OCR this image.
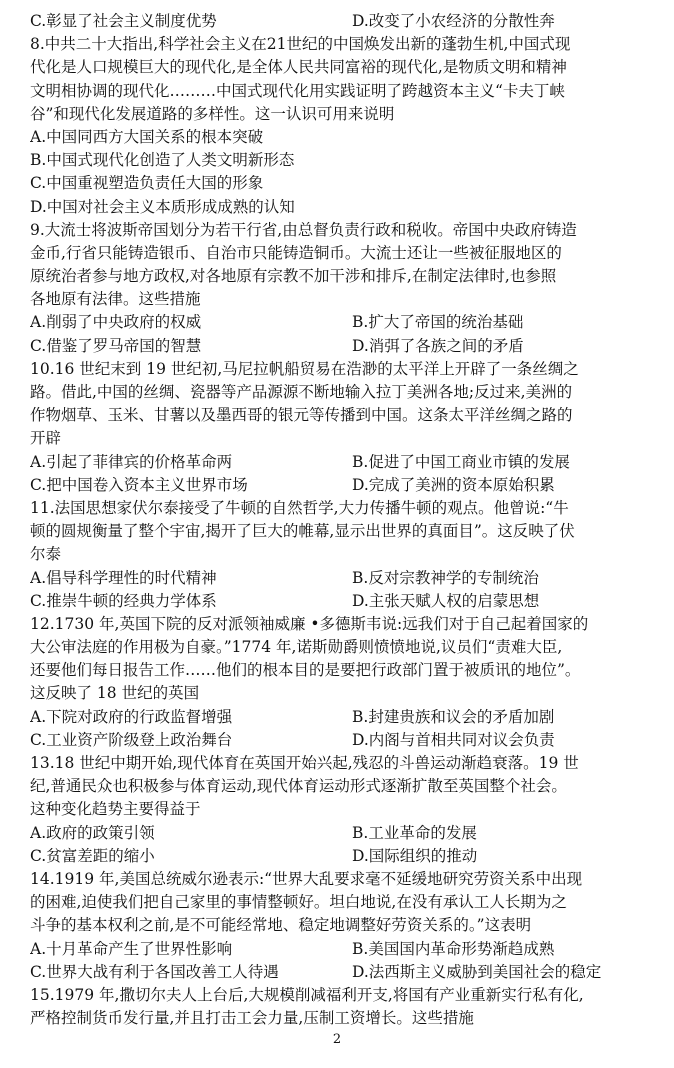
C.彰显了社会主义制度优势	D.改变了小农经济的分散性奔
8.中共二十大指出,科学社会主义在21世纪的中国焕发出新的蓬勃生机,中国式现
代化是人口规模巨大的现代化,是全体人民共同富裕的现代化,是物质文明和精神
文明相协调的现代化………中国式现代化用实践证明了跨越资本主义“卡夫丁峡
谷”和现代化发展道路的多样性。这一认识可用来说明
A.中国同西方大国关系的根本突破
B.中国式现代化创造了人类文明新形态
C.中国重视塑造负责任大国的形象
D.中国对社会主义本质形成成熟的认知
9.大流士将波斯帝国划分为若干行省,由总督负责行政和税收。帝国中央政府铸造
金币,行省只能铸造银币、自治市只能铸造铜币。大流士还让一些被征服地区的
原统治者参与地方政权,对各地原有宗教不加干涉和排斥,在制定法律时,也参照
各地原有法律。这些措施
A.削弱了中央政府的权威	B.扩大了帝国的统治基础
C.借鉴了罗马帝国的智慧	D.消弭了各族之间的矛盾
10.16 世纪末到 19 世纪初,马尼拉帆船贸易在浩渺的太平洋上开辟了一条丝绸之
路。借此,中国的丝绸、瓷器等产品源源不断地输入拉丁美洲各地;反过来,美洲的
作物烟草、玉米、甘薯以及墨西哥的银元等传播到中国。这条太平洋丝绸之路的
开辟
A.引起了菲律宾的价格革命两	B.促进了中国工商业市镇的发展
C.把中国卷入资本主义世界市场	D.完成了美洲的资本原始积累
11.法国思想家伏尔泰接受了牛顿的自然哲学,大力传播牛顿的观点。他曾说:“牛
顿的圆规衡量了整个宇宙,揭开了巨大的帷幕,显示出世界的真面目”。这反映了伏
尔泰
A.倡导科学理性的时代精神	B.反对宗教神学的专制统治
C.推崇牛顿的经典力学体系	D.主张天赋人权的启蒙思想
12.1730 年,英国下院的反对派领袖威廉 •多德斯韦说:远我们对于自己起着国家的
大公审法庭的作用极为自豪。”1774 年,诺斯勋爵则愤愤地说,议员们“责难大臣,
还要他们每日报告工作……他们的根本目的是要把行政部门置于被质讯的地位”。
这反映了 18 世纪的英国
A.下院对政府的行政监督增强	B.封建贵族和议会的矛盾加剧
C.工业资产阶级登上政治舞台	D.内阁与首相共同对议会负责
13.18 世纪中期开始,现代体育在英国开始兴起,残忍的斗兽运动渐趋衰落。19 世
纪,普通民众也积极参与体育运动,现代体育运动形式逐渐扩散至英国整个社会。
这种变化趋势主要得益于
A.政府的政策引领	B.工业革命的发展
C.贫富差距的缩小	D.国际组织的推动
14.1919 年,美国总统威尔逊表示:“世界大乱要求毫不延缓地研究劳资关系中出现
的困难,迫使我们把自己家里的事情整顿好。坦白地说,在没有承认工人长期为之
斗争的基本权利之前,是不可能经常地、稳定地调整好劳资关系的。”这表明
A.十月革命产生了世界性影响	B.美国国内革命形势渐趋成熟
C.世界大战有利于各国改善工人待遇	D.法西斯主义威胁到美国社会的稳定
15.1979 年,撒切尔夫人上台后,大规模削减福利开支,将国有产业重新实行私有化,
严格控制货币发行量,并且打击工会力量,压制工资增长。这些措施
2
